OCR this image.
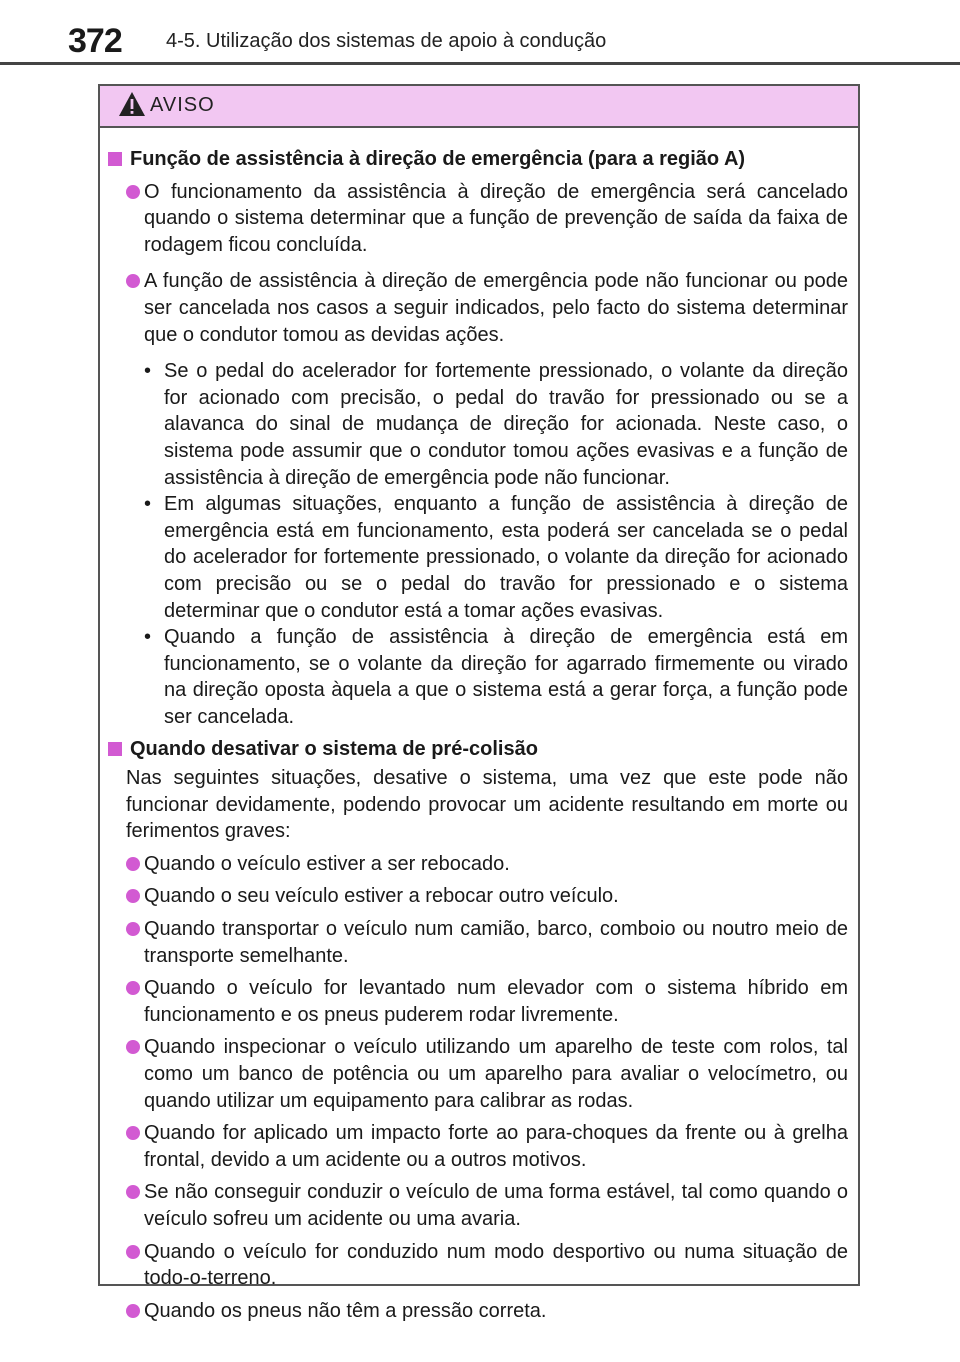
372 4-5. Utilização dos sistemas de apoio à condução
AVISO
Função de assistência à direção de emergência (para a região A)
O funcionamento da assistência à direção de emergência será cancelado quando o sistema determinar que a função de prevenção de saída da faixa de rodagem ficou concluída.
A função de assistência à direção de emergência pode não funcionar ou pode ser cancelada nos casos a seguir indicados, pelo facto do sistema determinar que o condutor tomou as devidas ações.
• Se o pedal do acelerador for fortemente pressionado, o volante da direção for acionado com precisão, o pedal do travão for pressionado ou se a alavanca do sinal de mudança de direção for acionada. Neste caso, o sistema pode assumir que o condutor tomou ações evasivas e a função de assistência à direção de emergência pode não funcionar.
• Em algumas situações, enquanto a função de assistência à direção de emergência está em funcionamento, esta poderá ser cancelada se o pedal do acelerador for fortemente pressionado, o volante da direção for acionado com precisão ou se o pedal do travão for pressionado e o sistema determinar que o condutor está a tomar ações evasivas.
• Quando a função de assistência à direção de emergência está em funcionamento, se o volante da direção for agarrado firmemente ou virado na direção oposta àquela a que o sistema está a gerar força, a função pode ser cancelada.
Quando desativar o sistema de pré-colisão
Nas seguintes situações, desative o sistema, uma vez que este pode não funcionar devidamente, podendo provocar um acidente resultando em morte ou ferimentos graves:
Quando o veículo estiver a ser rebocado.
Quando o seu veículo estiver a rebocar outro veículo.
Quando transportar o veículo num camião, barco, comboio ou noutro meio de transporte semelhante.
Quando o veículo for levantado num elevador com o sistema híbrido em funcionamento e os pneus puderem rodar livremente.
Quando inspecionar o veículo utilizando um aparelho de teste com rolos, tal como um banco de potência ou um aparelho para avaliar o velocímetro, ou quando utilizar um equipamento para calibrar as rodas.
Quando for aplicado um impacto forte ao para-choques da frente ou à grelha frontal, devido a um acidente ou a outros motivos.
Se não conseguir conduzir o veículo de uma forma estável, tal como quando o veículo sofreu um acidente ou uma avaria.
Quando o veículo for conduzido num modo desportivo ou numa situação de todo-o-terreno.
Quando os pneus não têm a pressão correta.
